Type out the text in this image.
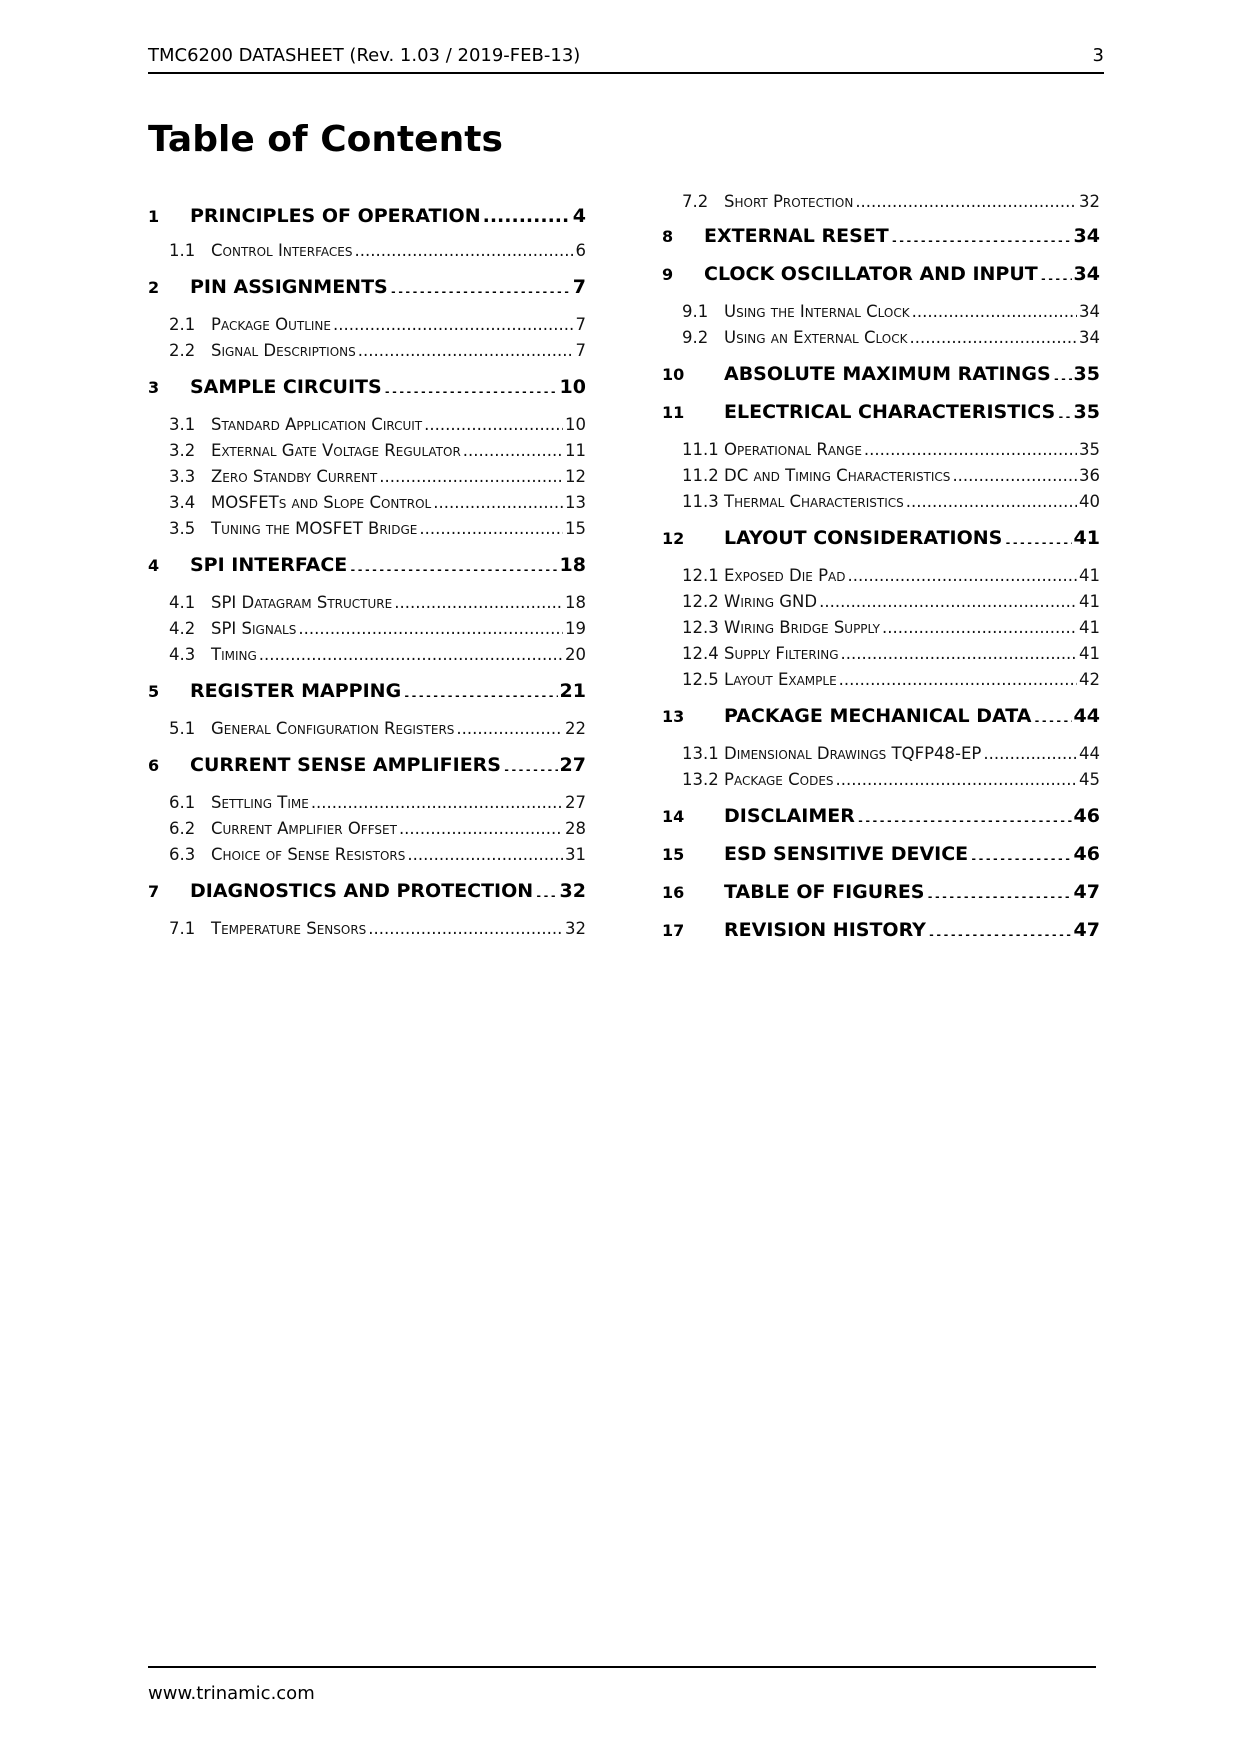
TMC6200 DATASHEET (Rev. 1.03 / 2019-FEB-13)	3
Table of Contents
1	PRINCIPLES OF OPERATION .....	4
1.1 Control Interfaces .....	6
2	PIN ASSIGNMENTS .....	7
2.1 Package Outline .....	7
2.2 Signal Descriptions .....	7
3	SAMPLE CIRCUITS .....	10
3.1 Standard Application Circuit .....	10
3.2 External Gate Voltage Regulator .....	11
3.3 Zero Standby Current .....	12
3.4 MOSFETs and Slope Control .....	13
3.5 Tuning the MOSFET Bridge .....	15
4	SPI INTERFACE .....	18
4.1 SPI Datagram Structure .....	18
4.2 SPI Signals .....	19
4.3 Timing .....	20
5	REGISTER MAPPING .....	21
5.1 General Configuration Registers .....	22
6	CURRENT SENSE AMPLIFIERS .....	27
6.1 Settling Time .....	27
6.2 Current Amplifier Offset .....	28
6.3 Choice of Sense Resistors .....	31
7	DIAGNOSTICS AND PROTECTION ..... 32
7.1 Temperature Sensors .....	32
7.2 Short Protection .....	32
8	EXTERNAL RESET .....	34
9	CLOCK OSCILLATOR AND INPUT ..... 34
9.1 Using the Internal Clock .....	34
9.2 Using an External Clock .....	34
10	ABSOLUTE MAXIMUM RATINGS ..... 35
11	ELECTRICAL CHARACTERISTICS ..... 35
11.1 Operational Range .....	35
11.2 DC and Timing Characteristics .....	36
11.3 Thermal Characteristics .....	40
12	LAYOUT CONSIDERATIONS .....	41
12.1 Exposed Die Pad .....	41
12.2 Wiring GND .....	41
12.3 Wiring Bridge Supply .....	41
12.4 Supply Filtering .....	41
12.5 Layout Example .....	42
13	PACKAGE MECHANICAL DATA ..... 44
13.1 Dimensional Drawings TQFP48-EP .....	44
13.2 Package Codes .....	45
14	DISCLAIMER .....	46
15	ESD SENSITIVE DEVICE .....	46
16	TABLE OF FIGURES .....	47
17	REVISION HISTORY .....	47
www.trinamic.com
